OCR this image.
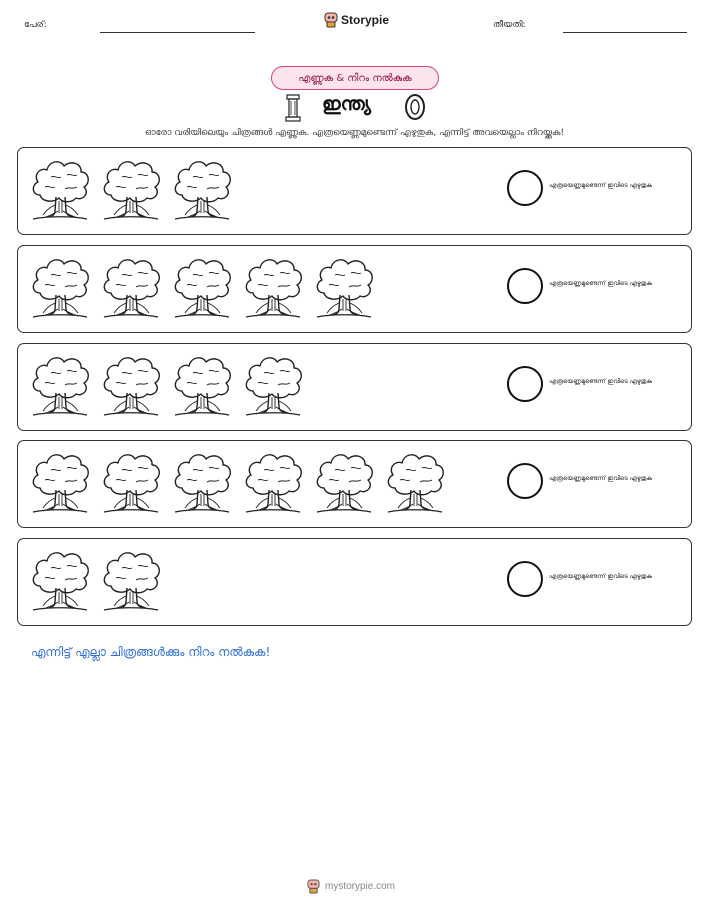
പേര്:	Storypie	തീയതി:
എണ്ണുക & നിറം നൽകുക
ഇന്ത്യ
ഓരോ വരിയിലെയും ചിത്രങ്ങൾ എണ്ണുക. എത്രയെണ്ണമുണ്ടെന്ന് എഴുതുക, എന്നിട്ട് അവയെല്ലാം നിറയ്ക്കുക!
എത്രയെണ്ണമുണ്ടെന്ന് ഇവിടെ എഴുതുക
എത്രയെണ്ണമുണ്ടെന്ന് ഇവിടെ എഴുതുക
എത്രയെണ്ണമുണ്ടെന്ന് ഇവിടെ എഴുതുക
എത്രയെണ്ണമുണ്ടെന്ന് ഇവിടെ എഴുതുക
എത്രയെണ്ണമുണ്ടെന്ന് ഇവിടെ എഴുതുക
എന്നിട്ട് എല്ലാ ചിത്രങ്ങൾക്കും നിറം നൽകുക!
mystorypie.com
